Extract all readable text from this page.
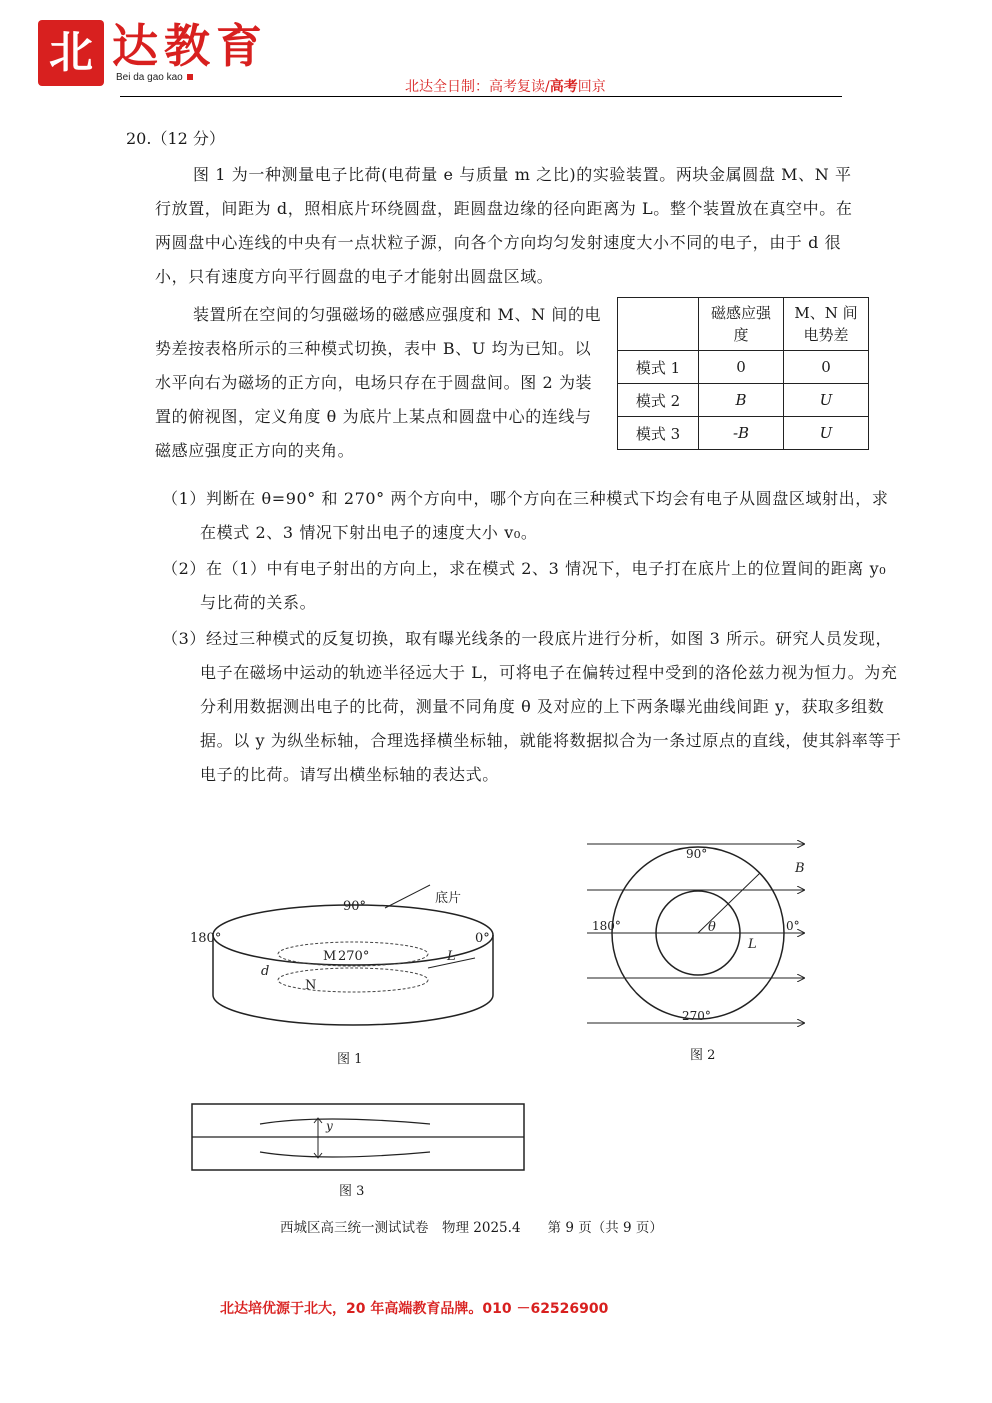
北 达教育
Bei da gao kao
北达全日制：高考复读/高考回京
20.（12 分）
图 1 为一种测量电子比荷(电荷量 e 与质量 m 之比)的实验装置。两块金属圆盘 M、N 平行放置，间距为 d，照相底片环绕圆盘，距圆盘边缘的径向距离为 L。整个装置放在真空中。在两圆盘中心连线的中央有一点状粒子源，向各个方向均匀发射速度大小不同的电子，由于 d 很小，只有速度方向平行圆盘的电子才能射出圆盘区域。
装置所在空间的匀强磁场的磁感应强度和 M、N 间的电势差按表格所示的三种模式切换，表中 B、U 均为已知。以水平向右为磁场的正方向，电场只存在于圆盘间。图 2 为装置的俯视图，定义角度 θ 为底片上某点和圆盘中心的连线与磁感应强度正方向的夹角。

	磁感应强度	M、N 间电势差

模式 1	0	0
模式 2	B	U
模式 3	-B	U
（1）判断在 θ=90° 和 270° 两个方向中，哪个方向在三种模式下均会有电子从圆盘区域射出，求在模式 2、3 情况下射出电子的速度大小 v₀。
（2）在（1）中有电子射出的方向上，求在模式 2、3 情况下，电子打在底片上的位置间的距离 y₀ 与比荷的关系。
（3）经过三种模式的反复切换，取有曝光线条的一段底片进行分析，如图 3 所示。研究人员发现，电子在磁场中运动的轨迹半径远大于 L，可将电子在偏转过程中受到的洛伦兹力视为恒力。为充分利用数据测出电子的比荷，测量不同角度 θ 及对应的上下两条曝光曲线间距 y，获取多组数据。以 y 为纵坐标轴，合理选择横坐标轴，就能将数据拟合为一条过原点的直线，使其斜率等于电子的比荷。请写出横坐标轴的表达式。
90°
180°	0°
M 270°
N
d
L
底片
图 1
90°
180°	0°
270°
B
θ
L
图 2
y
图 3
西城区高三统一测试试卷　物理 2025.4　　第 9 页（共 9 页）
北达培优源于北大，20 年高端教育品牌。010 －62526900
